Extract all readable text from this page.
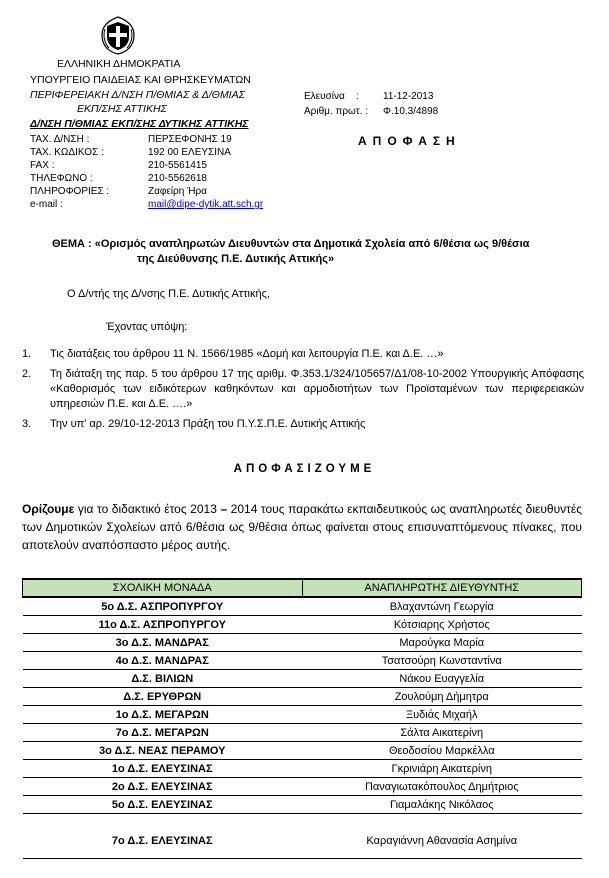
ΕΛΛΗΝΙΚΗ ΔΗΜΟΚΡΑΤΙΑ
ΥΠΟΥΡΓΕΙΟ ΠΑΙΔΕΙΑΣ ΚΑΙ ΘΡΗΣΚΕΥΜΑΤΩΝ
ΠΕΡΙΦΕΡΕΙΑΚΗ Δ/ΝΣΗ Π/ΘΜΙΑΣ & Δ/ΘΜΙΑΣ
ΕΚΠ/ΣΗΣ ΑΤΤΙΚΗΣ
Δ/ΝΣΗ Π/ΘΜΙΑΣ ΕΚΠ/ΣΗΣ ΔΥΤΙΚΗΣ ΑΤΤΙΚΗΣ
ΤΑΧ. Δ/ΝΣΗ :	ΠΕΡΣΕΦΟΝΗΣ 19
ΤΑΧ. ΚΩΔΙΚΟΣ :	192 00 ΕΛΕΥΣΙΝΑ
FAX :	210-5561415
ΤΗΛΕΦΩΝΟ :	210-5562618
ΠΛΗΡΟΦΟΡΙΕΣ :	Ζαφείρη Ήρα
e-mail :	mail@dipe-dytik.att.sch.gr
Ελευσίνα : 11-12-2013
Αριθμ. πρωτ. : Φ.10.3/4898
ΑΠΟΦΑΣΗ
ΘΕΜΑ : «Ορισμός αναπληρωτών Διευθυντών στα Δημοτικά Σχολεία από 6/θέσια ως 9/θέσια
της Διεύθυνσης Π.Ε. Δυτικής Αττικής»
Ο Δ/ντής της Δ/νσης Π.Ε. Δυτικής Αττικής,
Έχοντας υπόψη:
1. Τις διατάξεις του άρθρου 11 Ν. 1566/1985 «Δομή και λειτουργία Π.Ε. και Δ.Ε. …»
2. Τη διάταξη της παρ. 5 του άρθρου 17 της αριθμ. Φ.353.1/324/105657/Δ1/08-10-2002 Υπουργικής Απόφασης «Καθορισμός των ειδικότερων καθηκόντων και αρμοδιοτήτων των Προϊσταμένων των περιφερειακών υπηρεσιών Π.Ε. και Δ.Ε. ….»
3. Την υπ' αρ. 29/10-12-2013 Πράξη του Π.Υ.Σ.Π.Ε. Δυτικής Αττικής
ΑΠΟΦΑΣΙΖΟΥΜΕ
Ορίζουμε για το διδακτικό έτος 2013 – 2014 τους παρακάτω εκπαιδευτικούς ως αναπληρωτές διευθυντές των Δημοτικών Σχολείων από 6/θέσια ως 9/θέσια όπως φαίνεται στους επισυναπτόμενους πίνακες, που αποτελούν αναπόσπαστο μέρος αυτής.
ΣΧΟΛΙΚΗ ΜΟΝΑΔΑ	ΑΝΑΠΛΗΡΩΤΗΣ ΔΙΕΥΘΥΝΤΗΣ
5ο Δ.Σ. ΑΣΠΡΟΠΥΡΓΟΥ	Βλαχαντώνη Γεωργία
11ο Δ.Σ. ΑΣΠΡΟΠΥΡΓΟΥ	Κότσιαρης Χρήστος
3ο Δ.Σ. ΜΑΝΔΡΑΣ	Μαρούγκα Μαρία
4ο Δ.Σ. ΜΑΝΔΡΑΣ	Τσατσούρη Κωνσταντίνα
Δ.Σ. ΒΙΛΙΩΝ	Νάκου Ευαγγελία
Δ.Σ. ΕΡΥΘΡΩΝ	Ζουλούμη Δήμητρα
1ο Δ.Σ. ΜΕΓΑΡΩΝ	Ξυδιάς Μιχαήλ
7ο Δ.Σ. ΜΕΓΑΡΩΝ	Σάλτα Αικατερίνη
3ο Δ.Σ. ΝΕΑΣ ΠΕΡΑΜΟΥ	Θεοδοσίου Μαρκέλλα
1ο Δ.Σ. ΕΛΕΥΣΙΝΑΣ	Γκρινιάρη Αικατερίνη
2ο Δ.Σ. ΕΛΕΥΣΙΝΑΣ	Παναγιωτακόπουλος Δημήτριος
5ο Δ.Σ. ΕΛΕΥΣΙΝΑΣ	Γιαμαλάκης Νικόλαος
7ο Δ.Σ. ΕΛΕΥΣΙΝΑΣ	Καραγιάννη Αθανασία Ασημίνα
